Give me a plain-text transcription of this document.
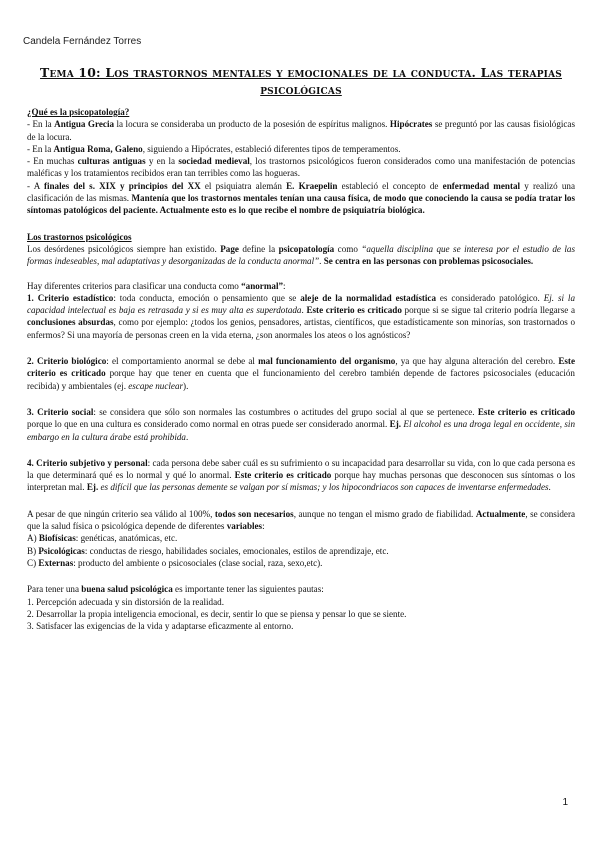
Candela Fernández Torres
Tema 10: Los trastornos mentales y emocionales de la conducta. Las terapias psicológicas
¿Qué es la psicopatología?

- En la Antigua Grecia la locura se consideraba un producto de la posesión de espíritus malignos. Hipócrates se preguntó por las causas fisiológicas de la locura.

- En la Antigua Roma, Galeno, siguiendo a Hipócrates, estableció diferentes tipos de temperamentos.

- En muchas culturas antiguas y en la sociedad medieval, los trastornos psicológicos fueron considerados como una manifestación de potencias maléficas y los tratamientos recibidos eran tan terribles como las hogueras.

- A finales del s. XIX y principios del XX el psiquiatra alemán E. Kraepelin estableció el concepto de enfermedad mental y realizó una clasificación de las mismas. Mantenía que los trastornos mentales tenían una causa física, de modo que conociendo la causa se podía tratar los síntomas patológicos del paciente. Actualmente esto es lo que recibe el nombre de psiquiatría biológica.

Los trastornos psicológicos

Los desórdenes psicológicos siempre han existido. Page define la psicopatología como “aquella disciplina que se interesa por el estudio de las formas indeseables, mal adaptativas y desorganizadas de la conducta anormal”. Se centra en las personas con problemas psicosociales.

Hay diferentes criterios para clasificar una conducta como “anormal”:

1. Criterio estadístico: toda conducta, emoción o pensamiento que se aleje de la normalidad estadística es considerado patológico. Ej. si la capacidad intelectual es baja es retrasada y si es muy alta es superdotada. Este criterio es criticado porque si se sigue tal criterio podría llegarse a conclusiones absurdas, como por ejemplo: ¿todos los genios, pensadores, artistas, científicos, que estadísticamente son minorías, son trastornados o enfermos? Si una mayoría de personas creen en la vida eterna, ¿son anormales los ateos o los agnósticos?

2. Criterio biológico: el comportamiento anormal se debe al mal funcionamiento del organismo, ya que hay alguna alteración del cerebro. Este criterio es criticado porque hay que tener en cuenta que el funcionamiento del cerebro también depende de factores psicosociales (educación recibida) y ambientales (ej. escape nuclear).

3. Criterio social: se considera que sólo son normales las costumbres o actitudes del grupo social al que se pertenece. Este criterio es criticado porque lo que en una cultura es considerado como normal en otras puede ser considerado anormal. Ej. El alcohol es una droga legal en occidente, sin embargo en la cultura árabe está prohibida.

4. Criterio subjetivo y personal: cada persona debe saber cuál es su sufrimiento o su incapacidad para desarrollar su vida, con lo que cada persona es la que determinará qué es lo normal y qué lo anormal. Este criterio es criticado porque hay muchas personas que desconocen sus síntomas o los interpretan mal. Ej. es difícil que las personas demente se valgan por sí mismas; y los hipocondriacos son capaces de inventarse enfermedades.

A pesar de que ningún criterio sea válido al 100%, todos son necesarios, aunque no tengan el mismo grado de fiabilidad. Actualmente, se considera que la salud física o psicológica depende de diferentes variables:

A) Biofísicas: genéticas, anatómicas, etc.

B) Psicológicas: conductas de riesgo, habilidades sociales, emocionales, estilos de aprendizaje, etc.

C) Externas: producto del ambiente o psicosociales (clase social, raza, sexo,etc).

Para tener una buena salud psicológica es importante tener las siguientes pautas:

1. Percepción adecuada y sin distorsión de la realidad.

2. Desarrollar la propia inteligencia emocional, es decir, sentir lo que se piensa y pensar lo que se siente.

3. Satisfacer las exigencias de la vida y adaptarse eficazmente al entorno.

1
